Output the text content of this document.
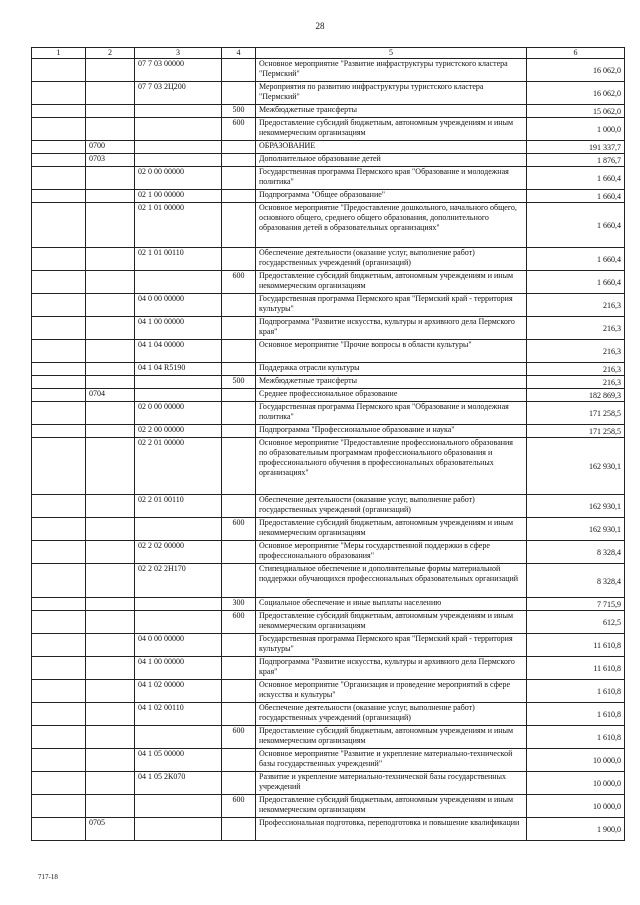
28
1	2	3	4	5	6
		07 7 03 00000		Основное мероприятие "Развитие инфраструктуры туристского кластера "Пермский"	16 062,0
		07 7 03 2Ц200		Мероприятия по развитию инфраструктуры туристского кластера "Пермский"	16 062,0
			500	Межбюджетные трансферты	15 062,0
			600	Предоставление субсидий бюджетным, автономным учреждениям и иным некоммерческим организациям	1 000,0
	0700			ОБРАЗОВАНИЕ	191 337,7
	0703			Дополнительное образование детей	1 876,7
		02 0 00 00000		Государственная программа Пермского края "Образование и молодежная политика"	1 660,4
		02 1 00 00000		Подпрограмма "Общее образование"	1 660,4
		02 1 01 00000		Основное мероприятие "Предоставление дошкольного, начального общего, основного общего, среднего общего образования, дополнительного образования детей в образовательных организациях"	1 660,4
		02 1 01 00110		Обеспечение деятельности (оказание услуг, выполнение работ) государственных учреждений (организаций)	1 660,4
			600	Предоставление субсидий бюджетным, автономным учреждениям и иным некоммерческим организациям	1 660,4
		04 0 00 00000		Государственная программа Пермского края "Пермский край - территория культуры"	216,3
		04 1 00 00000		Подпрограмма "Развитие искусства, культуры и архивного дела Пермского края"	216,3
		04 1 04 00000		Основное мероприятие "Прочие вопросы в области культуры"	216,3
		04 1 04 R5190		Поддержка отрасли культуры	216,3
			500	Межбюджетные трансферты	216,3
	0704			Среднее профессиональное образование	182 869,3
		02 0 00 00000		Государственная программа Пермского края "Образование и молодежная политика"	171 258,5
		02 2 00 00000		Подпрограмма "Профессиональное образование и наука"	171 258,5
		02 2 01 00000		Основное мероприятие "Предоставление профессионального образования по образовательным программам профессионального образования и профессионального обучения в профессиональных образовательных организациях"	162 930,1
		02 2 01 00110		Обеспечение деятельности (оказание услуг, выполнение работ) государственных учреждений (организаций)	162 930,1
			600	Предоставление субсидий бюджетным, автономным учреждениям и иным некоммерческим организациям	162 930,1
		02 2 02 00000		Основное мероприятие "Меры государственной поддержки в сфере профессионального образования"	8 328,4
		02 2 02 2Н170		Стипендиальное обеспечение и дополнительные формы материальной поддержки обучающихся профессиональных образовательных организаций	8 328,4
			300	Социальное обеспечение и иные выплаты населению	7 715,9
			600	Предоставление субсидий бюджетным, автономным учреждениям и иным некоммерческим организациям	612,5
		04 0 00 00000		Государственная программа Пермского края "Пермский край - территория культуры"	11 610,8
		04 1 00 00000		Подпрограмма "Развитие искусства, культуры и архивного дела Пермского края"	11 610,8
		04 1 02 00000		Основное мероприятие "Организация и проведение мероприятий в сфере искусства и культуры"	1 610,8
		04 1 02 00110		Обеспечение деятельности (оказание услуг, выполнение работ) государственных учреждений (организаций)	1 610,8
			600	Предоставление субсидий бюджетным, автономным учреждениям и иным некоммерческим организациям	1 610,8
		04 1 05 00000		Основное мероприятие "Развитие и укрепление материально-технической базы государственных учреждений"	10 000,0
		04 1 05 2К070		Развитие и укрепление материально-технической базы государственных учреждений	10 000,0
			600	Предоставление субсидий бюджетным, автономным учреждениям и иным некоммерческим организациям	10 000,0
	0705			Профессиональная подготовка, переподготовка и повышение квалификации	1 900,0
717-18
